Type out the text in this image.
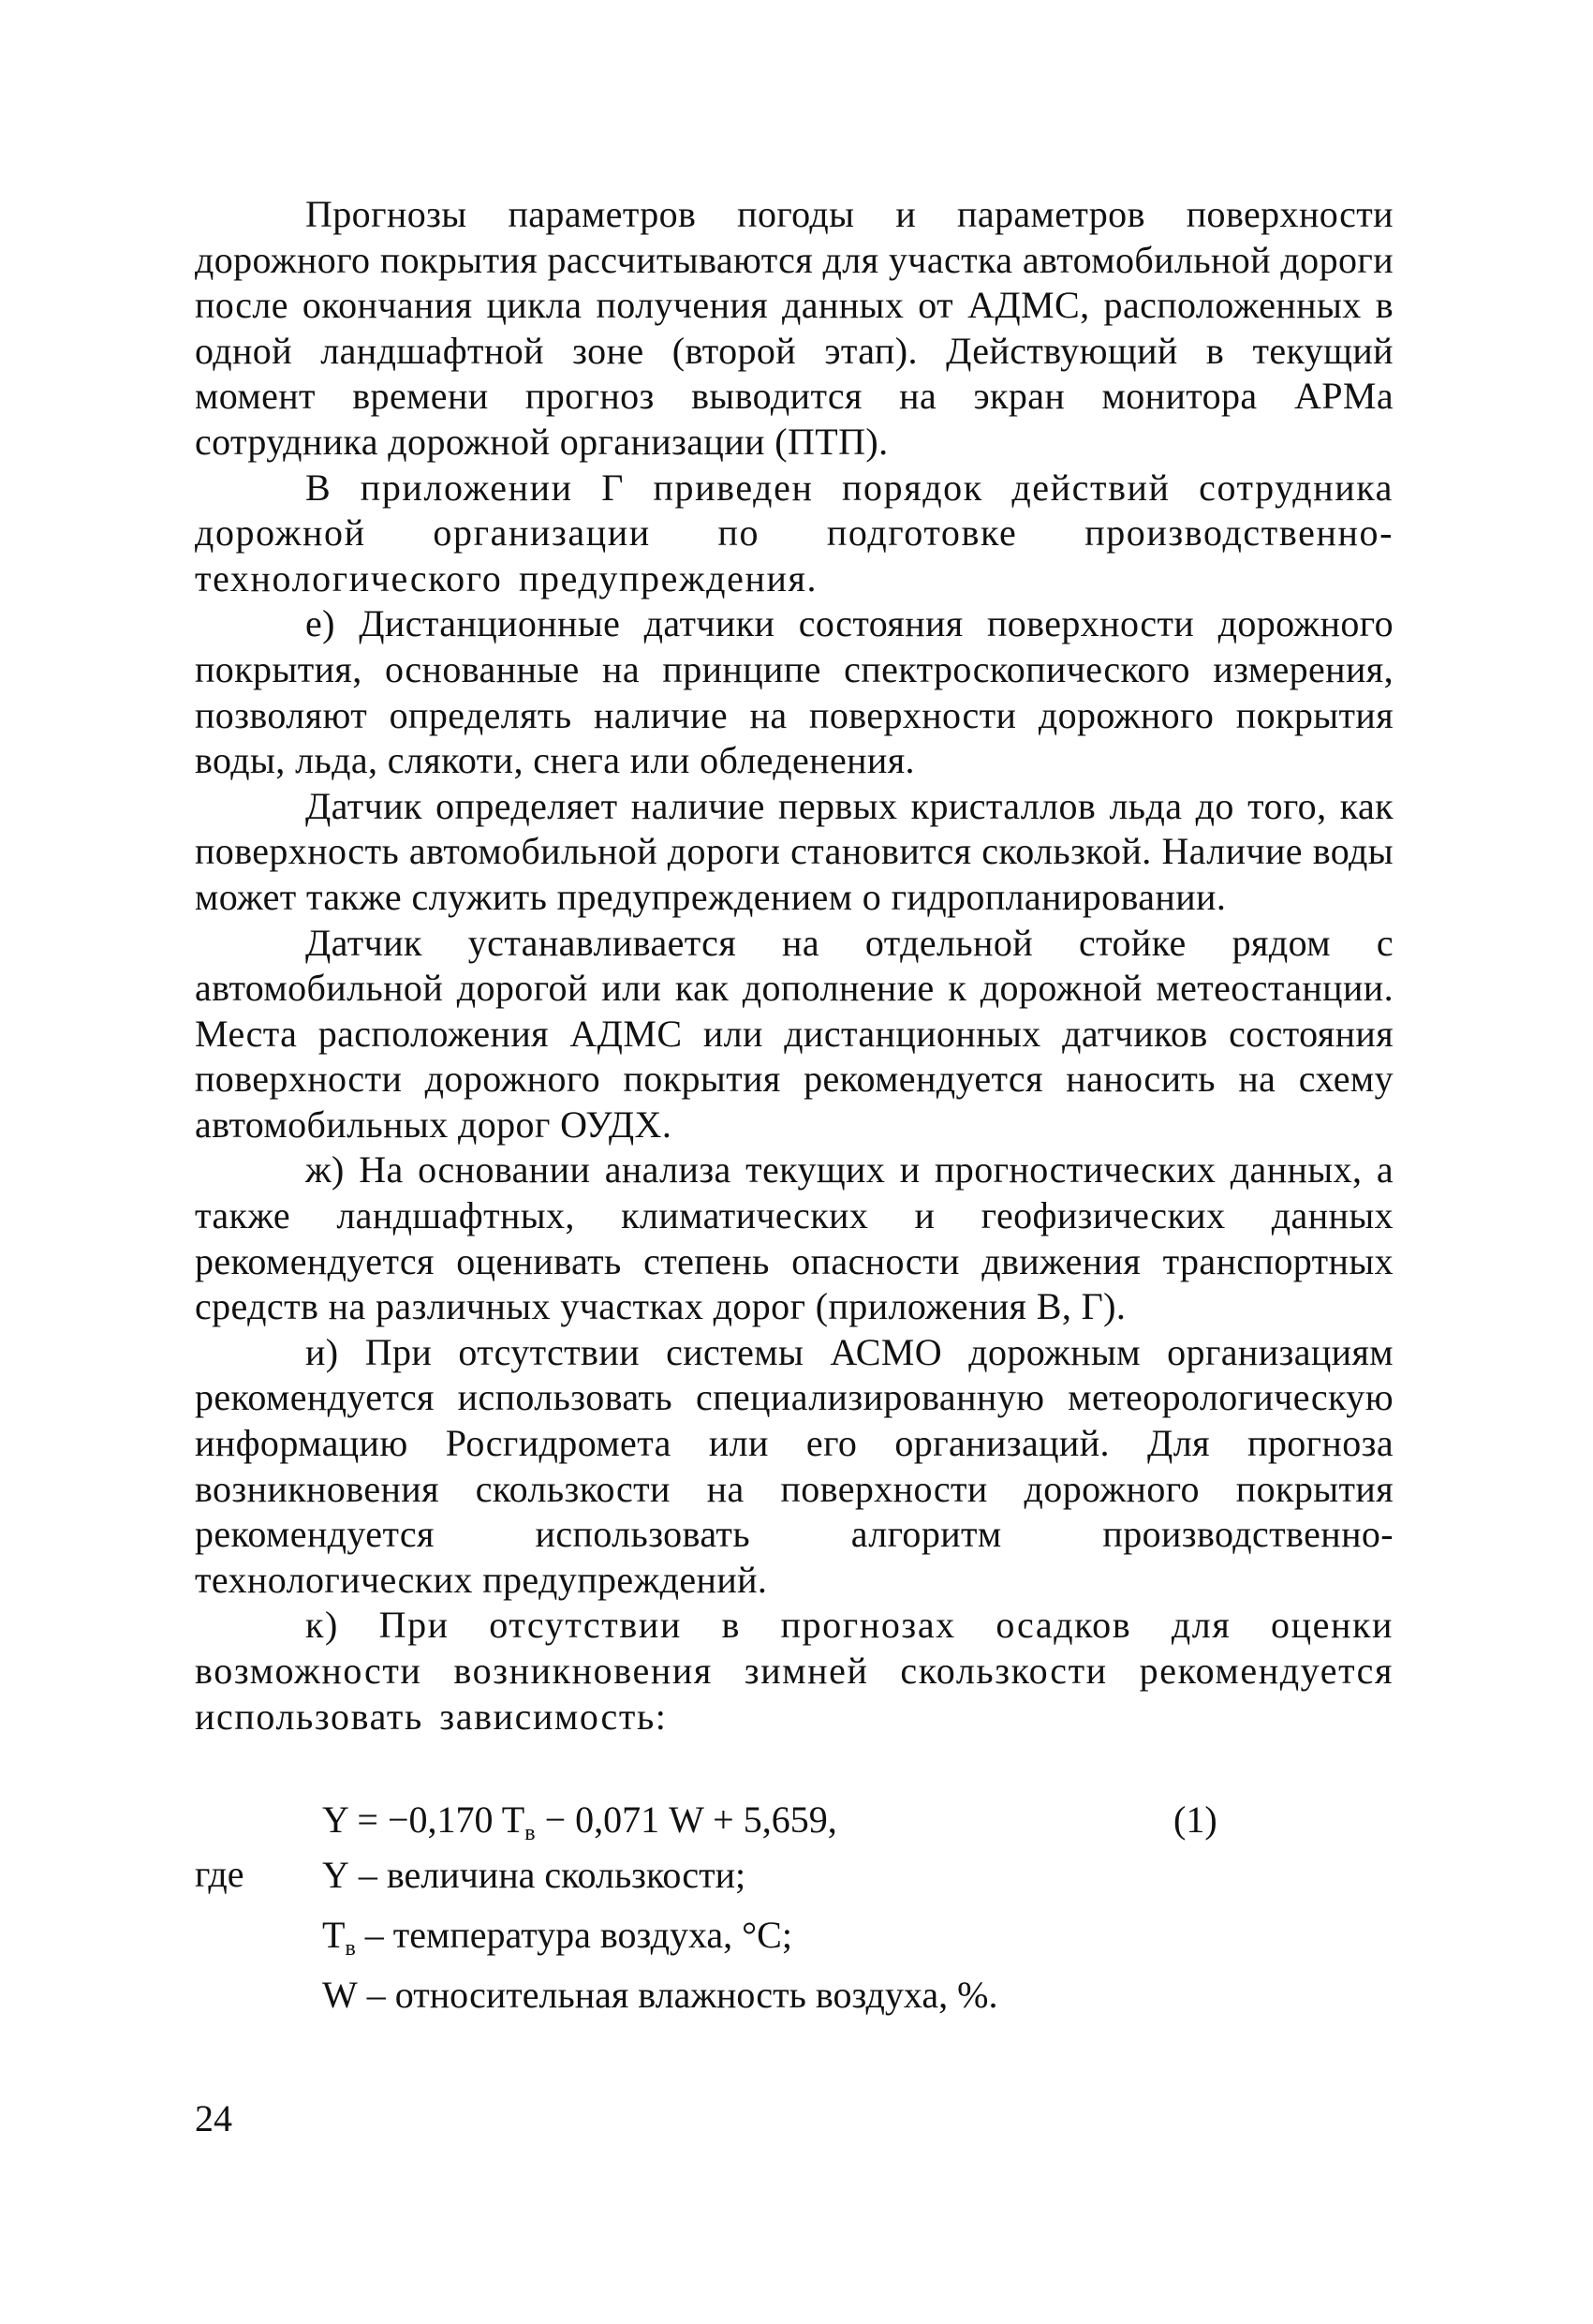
Прогнозы параметров погоды и параметров поверхности дорожного покрытия рассчитываются для участка автомобильной дороги после окончания цикла получения данных от АДМС, расположенных в одной ландшафтной зоне (второй этап). Действующий в текущий момент времени прогноз выводится на экран монитора АРМа сотрудника дорожной организации (ПТП).

В приложении Г приведен порядок действий сотрудника дорожной организации по подготовке производственно-технологического предупреждения.

е) Дистанционные датчики состояния поверхности дорожного покрытия, основанные на принципе спектроскопического измерения, позволяют определять наличие на поверхности дорожного покрытия воды, льда, слякоти, снега или обледенения.

Датчик определяет наличие первых кристаллов льда до того, как поверхность автомобильной дороги становится скользкой. Наличие воды может также служить предупреждением о гидропланировании.

Датчик устанавливается на отдельной стойке рядом с автомобильной дорогой или как дополнение к дорожной метеостанции. Места расположения АДМС или дистанционных датчиков состояния поверхности дорожного покрытия рекомендуется наносить на схему автомобильных дорог ОУДХ.

ж) На основании анализа текущих и прогностических данных, а также ландшафтных, климатических и геофизических данных рекомендуется оценивать степень опасности движения транспортных средств на различных участках дорог (приложения В, Г).

и) При отсутствии системы АСМО дорожным организациям рекомендуется использовать специализированную метеорологическую информацию Росгидромета или его организаций. Для прогноза возникновения скользкости на поверхности дорожного покрытия рекомендуется использовать алгоритм производственно-технологических предупреждений.

к) При отсутствии в прогнозах осадков для оценки возможности возникновения зимней скользкости рекомендуется использовать зависимость:

Y = −0,170 $T_в - 0,071$ W + 5,659,	(1)
где Y – величина скользкости;
$T_в$ – температура воздуха, °С;
W – относительная влажность воздуха, %.
24
